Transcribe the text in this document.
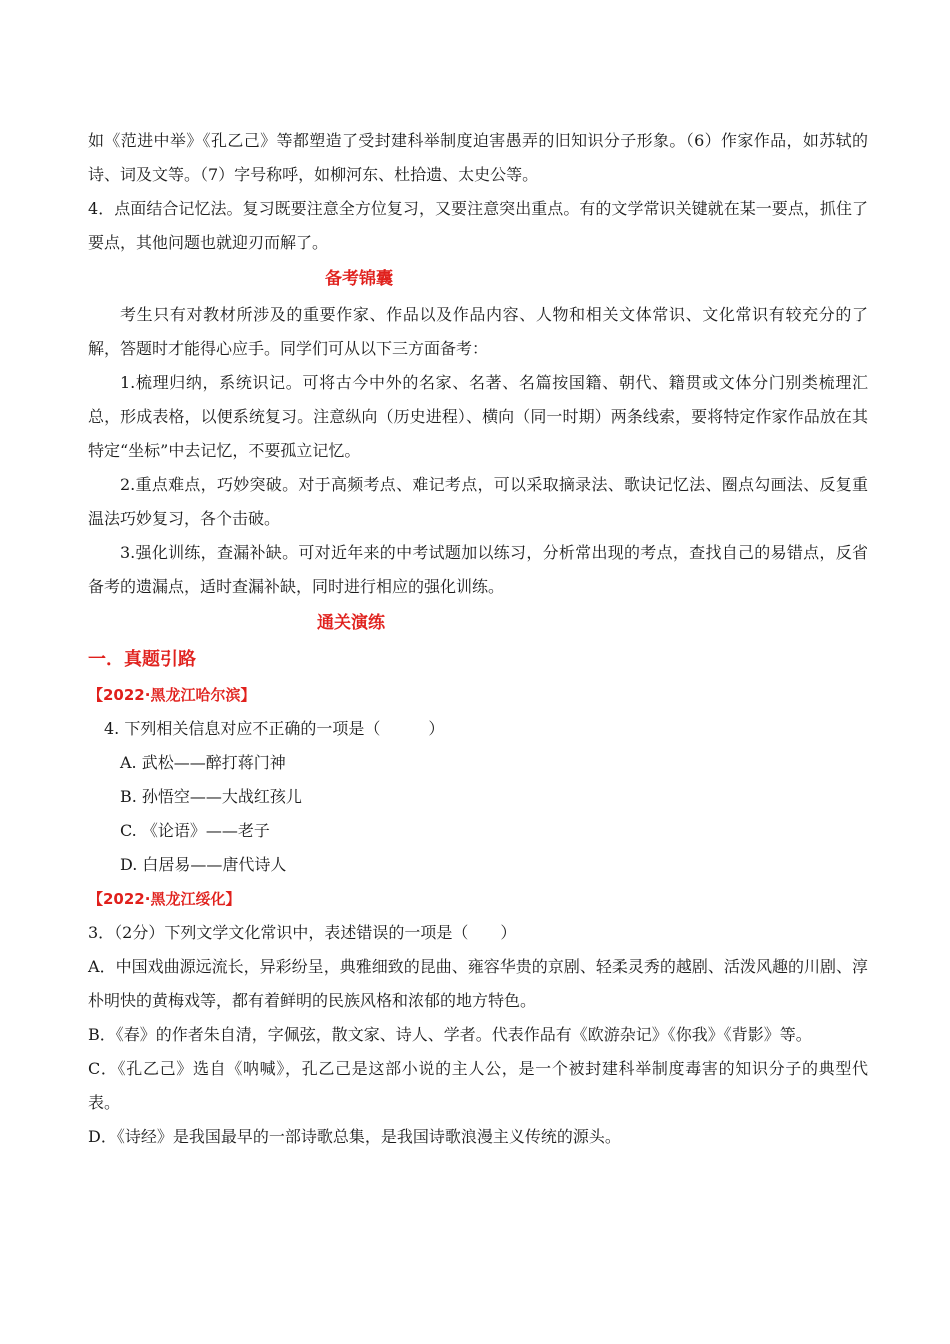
如《范进中举》《孔乙己》等都塑造了受封建科举制度迫害愚弄的旧知识分子形象。（6）作家作品，如苏轼的诗、词及文等。（7）字号称呼，如柳河东、杜拾遗、太史公等。

4．点面结合记忆法。复习既要注意全方位复习，又要注意突出重点。有的文学常识关键就在某一要点，抓住了要点，其他问题也就迎刃而解了。

备考锦囊

考生只有对教材所涉及的重要作家、作品以及作品内容、人物和相关文体常识、文化常识有较充分的了解，答题时才能得心应手。同学们可从以下三方面备考：

1.梳理归纳，系统识记。可将古今中外的名家、名著、名篇按国籍、朝代、籍贯或文体分门别类梳理汇总，形成表格，以便系统复习。注意纵向（历史进程）、横向（同一时期）两条线索，要将特定作家作品放在其特定“坐标”中去记忆，不要孤立记忆。

2.重点难点，巧妙突破。对于高频考点、难记考点，可以采取摘录法、歌诀记忆法、圈点勾画法、反复重温法巧妙复习，各个击破。

3.强化训练，查漏补缺。可对近年来的中考试题加以练习，分析常出现的考点，查找自己的易错点，反省备考的遗漏点，适时查漏补缺，同时进行相应的强化训练。

通关演练

一．真题引路

【2022·黑龙江哈尔滨】

4. 下列相关信息对应不正确的一项是（　　　）

A. 武松——醉打蒋门神

B. 孙悟空——大战红孩儿

C. 《论语》——老子

D. 白居易——唐代诗人

【2022·黑龙江绥化】

3．（2分）下列文学文化常识中，表述错误的一项是（　　）

A．中国戏曲源远流长，异彩纷呈，典雅细致的昆曲、雍容华贵的京剧、轻柔灵秀的越剧、活泼风趣的川剧、淳朴明快的黄梅戏等，都有着鲜明的民族风格和浓郁的地方特色。

B．《春》的作者朱自清，字佩弦，散文家、诗人、学者。代表作品有《欧游杂记》《你我》《背影》等。

C．《孔乙己》选自《呐喊》，孔乙己是这部小说的主人公，是一个被封建科举制度毒害的知识分子的典型代表。

D．《诗经》是我国最早的一部诗歌总集，是我国诗歌浪漫主义传统的源头。
